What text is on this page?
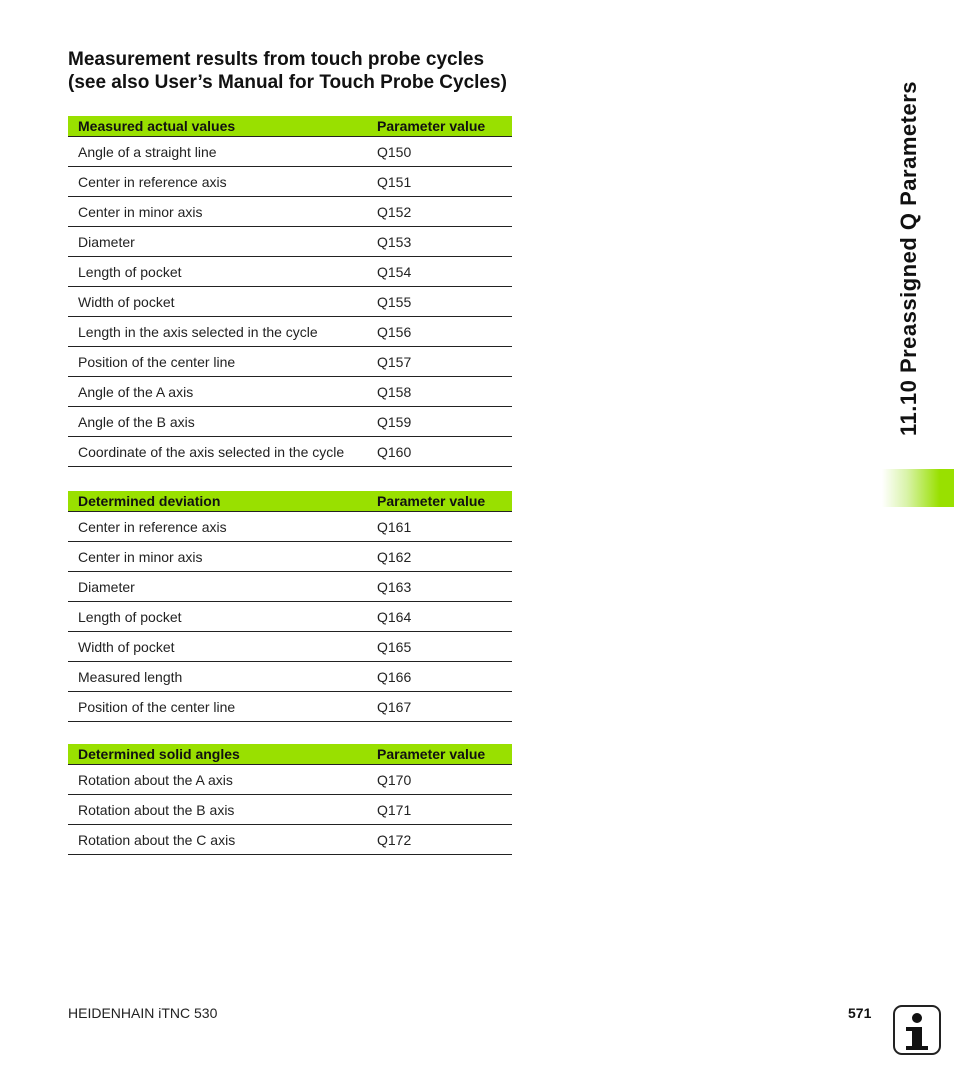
Measurement results from touch probe cycles
(see also User’s Manual for Touch Probe Cycles)
Measured actual values	Parameter value
Angle of a straight line	Q150
Center in reference axis	Q151
Center in minor axis	Q152
Diameter	Q153
Length of pocket	Q154
Width of pocket	Q155
Length in the axis selected in the cycle	Q156
Position of the center line	Q157
Angle of the A axis	Q158
Angle of the B axis	Q159
Coordinate of the axis selected in the cycle	Q160
Determined deviation	Parameter value
Center in reference axis	Q161
Center in minor axis	Q162
Diameter	Q163
Length of pocket	Q164
Width of pocket	Q165
Measured length	Q166
Position of the center line	Q167
Determined solid angles	Parameter value
Rotation about the A axis	Q170
Rotation about the B axis	Q171
Rotation about the C axis	Q172
11.10 Preassigned Q Parameters
HEIDENHAIN iTNC 530	571
